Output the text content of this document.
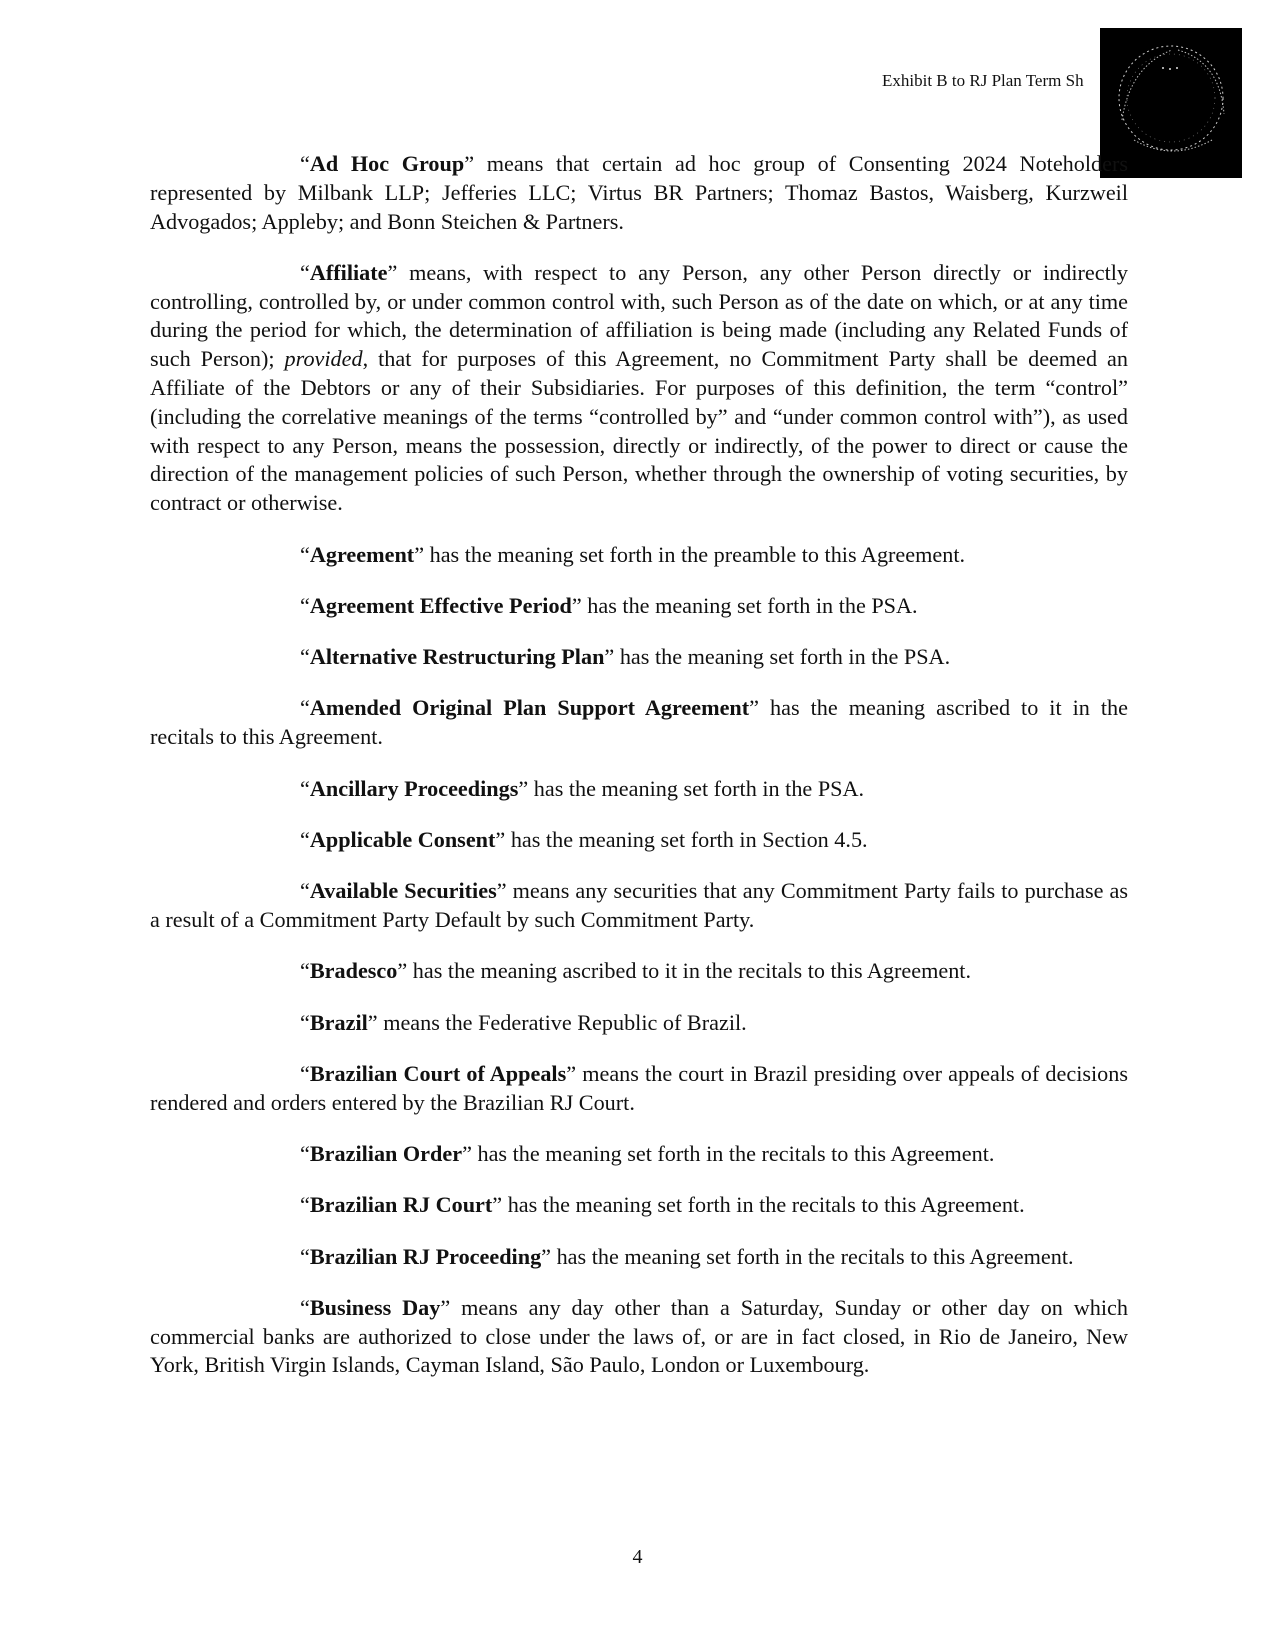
Exhibit B to RJ Plan Term Sh

“Ad Hoc Group” means that certain ad hoc group of Consenting 2024 Noteholders represented by Milbank LLP; Jefferies LLC; Virtus BR Partners; Thomaz Bastos, Waisberg, Kurzweil Advogados; Appleby; and Bonn Steichen & Partners.

“Affiliate” means, with respect to any Person, any other Person directly or indirectly controlling, controlled by, or under common control with, such Person as of the date on which, or at any time during the period for which, the determination of affiliation is being made (including any Related Funds of such Person); provided, that for purposes of this Agreement, no Commitment Party shall be deemed an Affiliate of the Debtors or any of their Subsidiaries. For purposes of this definition, the term “control” (including the correlative meanings of the terms “controlled by” and “under common control with”), as used with respect to any Person, means the possession, directly or indirectly, of the power to direct or cause the direction of the management policies of such Person, whether through the ownership of voting securities, by contract or otherwise.

“Agreement” has the meaning set forth in the preamble to this Agreement.

“Agreement Effective Period” has the meaning set forth in the PSA.

“Alternative Restructuring Plan” has the meaning set forth in the PSA.

“Amended Original Plan Support Agreement” has the meaning ascribed to it in the recitals to this Agreement.

“Ancillary Proceedings” has the meaning set forth in the PSA.

“Applicable Consent” has the meaning set forth in Section 4.5.

“Available Securities” means any securities that any Commitment Party fails to purchase as a result of a Commitment Party Default by such Commitment Party.

“Bradesco” has the meaning ascribed to it in the recitals to this Agreement.

“Brazil” means the Federative Republic of Brazil.

“Brazilian Court of Appeals” means the court in Brazil presiding over appeals of decisions rendered and orders entered by the Brazilian RJ Court.

“Brazilian Order” has the meaning set forth in the recitals to this Agreement.

“Brazilian RJ Court” has the meaning set forth in the recitals to this Agreement.

“Brazilian RJ Proceeding” has the meaning set forth in the recitals to this Agreement.

“Business Day” means any day other than a Saturday, Sunday or other day on which commercial banks are authorized to close under the laws of, or are in fact closed, in Rio de Janeiro, New York, British Virgin Islands, Cayman Island, São Paulo, London or Luxembourg.

4
